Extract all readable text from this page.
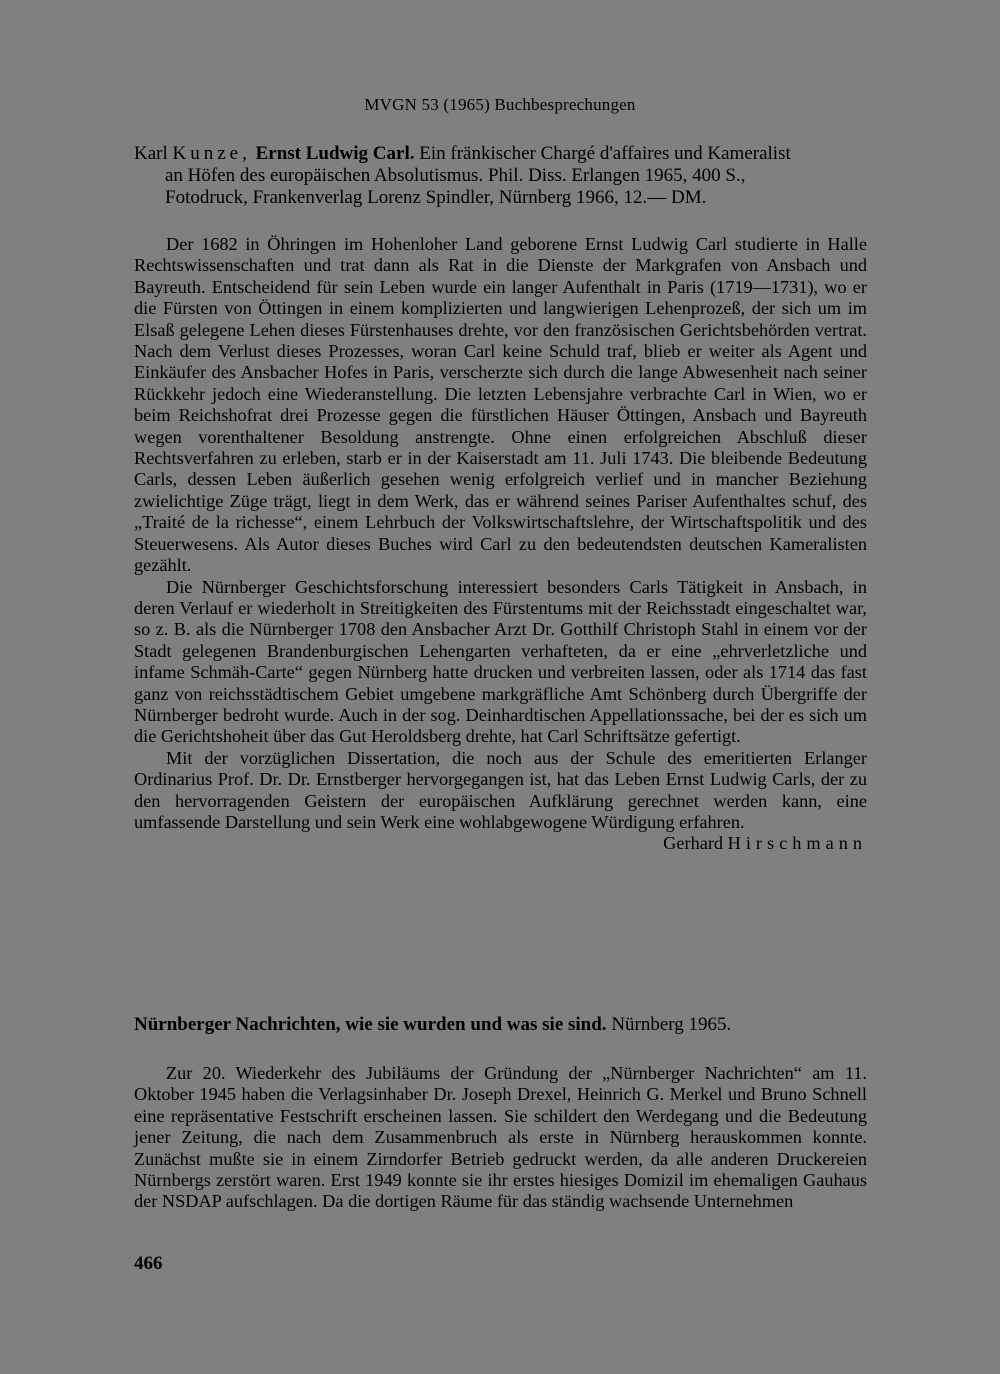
MVGN 53 (1965) Buchbesprechungen
Karl Kunze, Ernst Ludwig Carl. Ein fränkischer Chargé d'affaires und Kameralist
an Höfen des europäischen Absolutismus. Phil. Diss. Erlangen 1965, 400 S.,
Fotodruck, Frankenverlag Lorenz Spindler, Nürnberg 1966, 12.— DM.

Der 1682 in Öhringen im Hohenloher Land geborene Ernst Ludwig Carl studierte in Halle Rechtswissenschaften und trat dann als Rat in die Dienste der Markgrafen von Ansbach und Bayreuth. Entscheidend für sein Leben wurde ein langer Aufenthalt in Paris (1719—1731), wo er die Fürsten von Öttingen in einem komplizierten und langwierigen Lehenprozeß, der sich um im Elsaß gelegene Lehen dieses Fürstenhauses drehte, vor den französischen Gerichtsbehörden vertrat. Nach dem Verlust dieses Prozesses, woran Carl keine Schuld traf, blieb er weiter als Agent und Einkäufer des Ansbacher Hofes in Paris, verscherzte sich durch die lange Abwesenheit nach seiner Rückkehr jedoch eine Wiederanstellung. Die letzten Lebensjahre verbrachte Carl in Wien, wo er beim Reichshofrat drei Prozesse gegen die fürstlichen Häuser Öttingen, Ansbach und Bayreuth wegen vorenthaltener Besoldung anstrengte. Ohne einen erfolgreichen Abschluß dieser Rechtsverfahren zu erleben, starb er in der Kaiserstadt am 11. Juli 1743. Die bleibende Bedeutung Carls, dessen Leben äußerlich gesehen wenig erfolgreich verlief und in mancher Beziehung zwielichtige Züge trägt, liegt in dem Werk, das er während seines Pariser Aufenthaltes schuf, des „Traité de la richesse“, einem Lehrbuch der Volkswirtschaftslehre, der Wirtschaftspolitik und des Steuerwesens. Als Autor dieses Buches wird Carl zu den bedeutendsten deutschen Kameralisten gezählt.

Die Nürnberger Geschichtsforschung interessiert besonders Carls Tätigkeit in Ansbach, in deren Verlauf er wiederholt in Streitigkeiten des Fürstentums mit der Reichsstadt eingeschaltet war, so z. B. als die Nürnberger 1708 den Ansbacher Arzt Dr. Gotthilf Christoph Stahl in einem vor der Stadt gelegenen Brandenburgischen Lehengarten verhafteten, da er eine „ehrverletzliche und infame Schmäh-Carte“ gegen Nürnberg hatte drucken und verbreiten lassen, oder als 1714 das fast ganz von reichsstädtischem Gebiet umgebene markgräfliche Amt Schönberg durch Übergriffe der Nürnberger bedroht wurde. Auch in der sog. Deinhardtischen Appellationssache, bei der es sich um die Gerichtshoheit über das Gut Heroldsberg drehte, hat Carl Schriftsätze gefertigt.

Mit der vorzüglichen Dissertation, die noch aus der Schule des emeritierten Erlanger Ordinarius Prof. Dr. Dr. Ernstberger hervorgegangen ist, hat das Leben Ernst Ludwig Carls, der zu den hervorragenden Geistern der europäischen Aufklärung gerechnet werden kann, eine umfassende Darstellung und sein Werk eine wohlabgewogene Würdigung erfahren.

Gerhard Hirschmann
Nürnberger Nachrichten, wie sie wurden und was sie sind. Nürnberg 1965.

Zur 20. Wiederkehr des Jubiläums der Gründung der „Nürnberger Nachrichten“ am 11. Oktober 1945 haben die Verlagsinhaber Dr. Joseph Drexel, Heinrich G. Merkel und Bruno Schnell eine repräsentative Festschrift erscheinen lassen. Sie schildert den Werdegang und die Bedeutung jener Zeitung, die nach dem Zusammenbruch als erste in Nürnberg herauskommen konnte. Zunächst mußte sie in einem Zirndorfer Betrieb gedruckt werden, da alle anderen Druckereien Nürnbergs zerstört waren. Erst 1949 konnte sie ihr erstes hiesiges Domizil im ehemaligen Gauhaus der NSDAP aufschlagen. Da die dortigen Räume für das ständig wachsende Unternehmen

466
